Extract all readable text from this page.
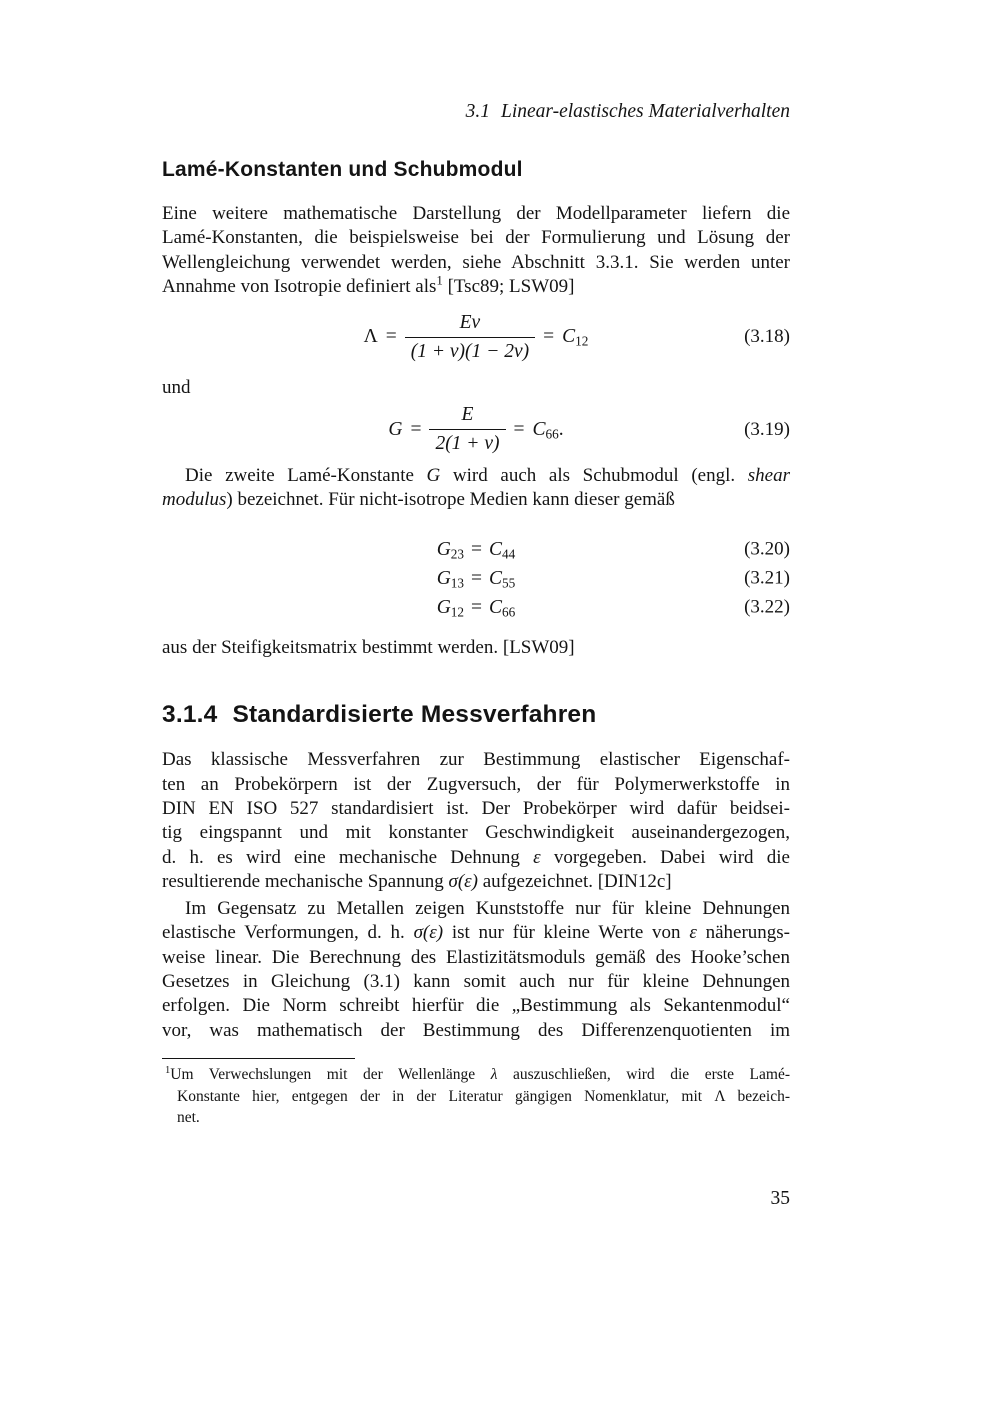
3.1 Linear-elastisches Materialverhalten
Lamé-Konstanten und Schubmodul
Eine weitere mathematische Darstellung der Modellparameter liefern die
Lamé-Konstanten, die beispielsweise bei der Formulierung und Lösung der
Wellengleichung verwendet werden, siehe Abschnitt 3.3.1. Sie werden unter
Annahme von Isotropie definiert als$^1$ [Tsc89; LSW09]
$\Lambda = \frac{E\nu}{(1 + \nu)(1 - 2\nu)} = C_{12}$	(3.18)
und
$G = \frac{E}{2(1 + \nu)} = C_{66}$.	(3.19)
Die zweite Lamé-Konstante G wird auch als Schubmodul (engl. shear
modulus) bezeichnet. Für nicht-isotrope Medien kann dieser gemäß
$G_{23} = C_{44}$	(3.20)
$G_{13} = C_{55}$	(3.21)
$G_{12} = C_{66}$	(3.22)
aus der Steifigkeitsmatrix bestimmt werden. [LSW09]
3.1.4 Standardisierte Messverfahren
Das klassische Messverfahren zur Bestimmung elastischer Eigenschaf-
ten an Probekörpern ist der Zugversuch, der für Polymerwerkstoffe in
DIN EN ISO 527 standardisiert ist. Der Probekörper wird dafür beidsei-
tig eingspannt und mit konstanter Geschwindigkeit auseinandergezogen,
d. h. es wird eine mechanische Dehnung ε vorgegeben. Dabei wird die
resultierende mechanische Spannung σ(ε) aufgezeichnet. [DIN12c]
Im Gegensatz zu Metallen zeigen Kunststoffe nur für kleine Dehnungen
elastische Verformungen, d. h. σ(ε) ist nur für kleine Werte von ε näherungs-
weise linear. Die Berechnung des Elastizitätsmoduls gemäß des Hooke’schen
Gesetzes in Gleichung (3.1) kann somit auch nur für kleine Dehnungen
erfolgen. Die Norm schreibt hierfür die „Bestimmung als Sekantenmodul“
vor, was mathematisch der Bestimmung des Differenzenquotienten im
$^1$Um Verwechslungen mit der Wellenlänge λ auszuschließen, wird die erste Lamé-
Konstante hier, entgegen der in der Literatur gängigen Nomenklatur, mit Λ bezeich-
net.
35
